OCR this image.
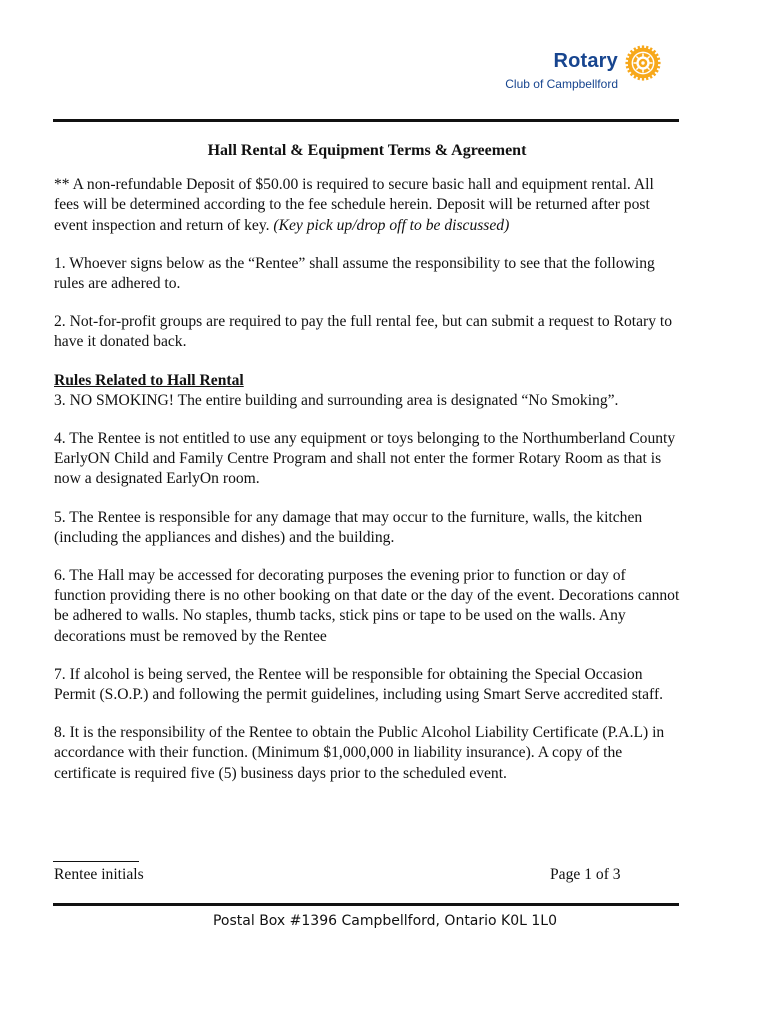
Rotary
Club of Campbellford
Hall Rental & Equipment Terms & Agreement

** A non-refundable Deposit of $50.00 is required to secure basic hall and equipment rental. All fees will be determined according to the fee schedule herein. Deposit will be returned after post event inspection and return of key. (Key pick up/drop off to be discussed)

1. Whoever signs below as the “Rentee” shall assume the responsibility to see that the following rules are adhered to.

2. Not-for-profit groups are required to pay the full rental fee, but can submit a request to Rotary to have it donated back.

Rules Related to Hall Rental

3. NO SMOKING! The entire building and surrounding area is designated “No Smoking”.

4. The Rentee is not entitled to use any equipment or toys belonging to the Northumberland County EarlyON Child and Family Centre Program and shall not enter the former Rotary Room as that is now a designated EarlyOn room.

5. The Rentee is responsible for any damage that may occur to the furniture, walls, the kitchen (including the appliances and dishes) and the building.

6. The Hall may be accessed for decorating purposes the evening prior to function or day of function providing there is no other booking on that date or the day of the event. Decorations cannot be adhered to walls. No staples, thumb tacks, stick pins or tape to be used on the walls. Any decorations must be removed by the Rentee

7. If alcohol is being served, the Rentee will be responsible for obtaining the Special Occasion Permit (S.O.P.) and following the permit guidelines, including using Smart Serve accredited staff.

8. It is the responsibility of the Rentee to obtain the Public Alcohol Liability Certificate (P.A.L) in accordance with their function. (Minimum $1,000,000 in liability insurance). A copy of the certificate is required five (5) business days prior to the scheduled event.

Rentee initials	Page 1 of 3
Postal Box #1396 Campbellford, Ontario K0L 1L0
